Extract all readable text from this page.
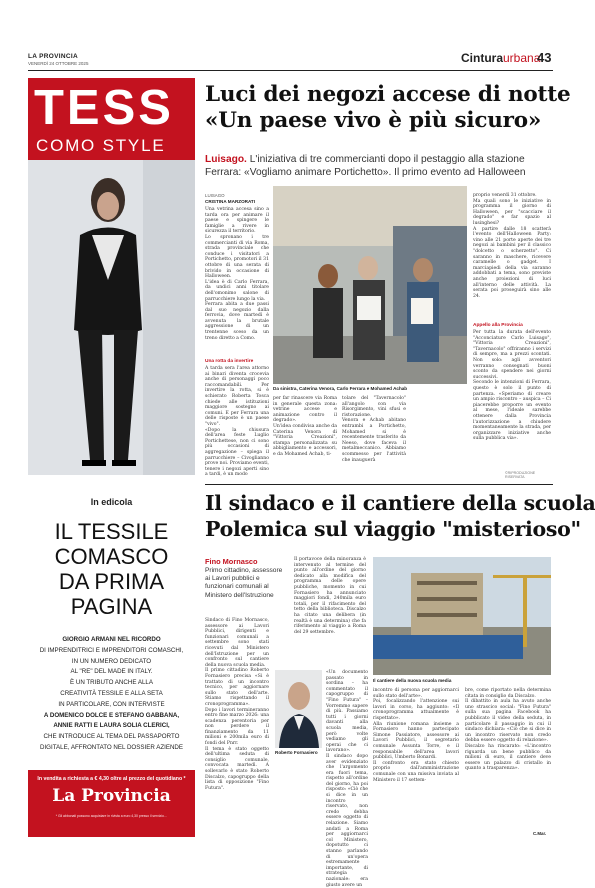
LA PROVINCIA
VENERDÌ 24 OTTOBRE 2025	Cinturaurbana
43
TESS
COMO STYLE
In edicola
IL TESSILE COMASCO DA PRIMA PAGINA
GIORGIO ARMANI NEL RICORDO
DI IMPRENDITRICI E IMPRENDITORI COMASCHI,
IN UN NUMERO DEDICATO
AL "RE" DEL MADE IN ITALY.
È UN TRIBUTO ANCHE ALLA
CREATIVITÀ TESSILE E ALLA SETA
IN PARTICOLARE, CON INTERVISTE
A DOMENICO DOLCE E STEFANO GABBANA,
ANNIE RATTI E LAURA SOLIA CLERICI,
CHE INTRODUCE AL TEMA DEL PASSAPORTO
DIGITALE, AFFRONTATO NEL DOSSIER AZIENDE
In vendita a richiesta a € 4,30 oltre al prezzo del quotidiano *
La Provincia
* Gli abbonati possono acquistare in rivista a euro 4,30 presso il servizio…
Luci dei negozi accese di notte
«Un paese vivo è più sicuro»
Luisago. L'iniziativa di tre commercianti dopo il pestaggio alla stazione Ferrara: «Vogliamo animare Portichetto». Il primo evento ad Halloween
LUISAGO
CRISTINA MARZORATI
Una vetrina accesa sino a tarda ora per animare il paese e spingere le famiglie a rivere in sicurezza il territorio.
Lo spronano i tre commercianti di via Roma, strada provinciale che conduce i visitatori a Portichetto, promotori il 31 ottobre di una serata di brivido in occasione di Halloween.
L'idea è di Carlo Ferrara, da undici anni titolare dell'omonimo salone di parrucchiere lungo la via.
Ferrara abita a due passi dal suo negozio dalla ferrovia, dove martedì è avvenuta la brutale aggressione di un trentenne sceso da un treno diretto a Como.
Una rotta da invertire
A tarda sera l'area attorno ai binari diventa crocevia anche di personaggi poco raccomandabili. Per invertire la rotta, si è schierato Roberta Tosca chiede alle istituzioni maggiore sostegno ai comuni. E per Ferrara una delle risposte è un paese "vivo".
«Dopo la chiusura dell'area feste Luglio Portichettese, non ci sono più occasioni di aggregazione – spiega il parrucchiere – Civoglianno prove noi. Proviamo eventi, tenere i negozi aperti sino a tardi, è un modo
Da sinistra, Caterina Venora, Carlo Ferrara e Mohamed Achab
per far rinascere via Roma in generale questa zona: vetrine accese e animazione contro il degrado».
Un'idea condivisa anche da Caterina Venora di "Vittoria Creazioni", stampa personalizzata su abbigliamento e accessori, e da Mohamed Achab, ti-
tolare del "Tavernacolo" all'angolo con via Risorgimento, vini sfusi e ristorazione.
Venora e Achab abitano entrambi a Portichetto, Mohamed si è recentemente trasferito da Neeso, dove faceva il metalmeccanico. Abbiamo scommesso per l'attività che inauguerà
proprio venerdì 31 ottobre.
Ma quali sono le iniziative in programma il giorno di Halloween, per "scacciare il degrado" e far spazio al lusinghesi?
A partire dalle 18 scatterà l'evento dell'Halloween Party: vino alle 21 porte aperte dei tre negozi ai bambini per il classico "dolcetto o scherzetto". Ci saranno in maschere, ricevere caramelle o gadget. I marciapiedi della via saranno addobbati a tema, sono previste anche proiezioni di luci all'interno delle attività. La serata poi proseguirà sino alle 24.
Appello alla Provincia
Per tutta la durata dell'evento "Acconciature Carlo Luisago", "Vittoria Creazioni", "Tavernacolo" offriranno i servizi di sempre, ma a prezzi scontati. Non solo: agli avventori verranno consegnati buoni sconto da spendere nei giorni successivi.
Secondo le intenzioni di Ferrara, questo è solo il punto di partenza. «Speriamo di creare un ampio riscontro – auspica – Ci piacerebbe proporre un evento al mese, l'ideale sarebbe ottenere dalla Provincia l'autorizzazione a chiudere momentaneamente la strada, per organizzare iniziative anche sulla pubblica via».
©RIPRODUZIONE RISERVATA
Il sindaco e il cantiere della scuola
Polemica sul viaggio "misterioso"
Fino Mornasco
Primo cittadino, assessore ai Lavori pubblici e funzionari comunali al Ministero dell'Istruzione
Sindaco di Fino Mornasco, assessore ai Lavori Pubblici, dirigenti e funzionari comunali a settembre sono stati ricevuti dal Ministero dell'Istruzione per un confronto sul cantiere della nuova scuola media.
Il primo cittadino Roberto Fornasiero precisa «Si è trattato di un incontro tecnico, per aggiornare sullo stato dell'arte. Stiamo rispettando il cronoprogramma».
Dopo i lavori termineranno entro fine marzo 2026: una scadenza perentoria per non perdere il finanziamento da 11 milioni e 200mila euro di fondi del Pnrr.
Il tema è stato oggetto dell'ultima seduta di consiglio comunale, convocata martedì. A sollevarlo è stato Roberto Discalzo, capogruppo della lista di opposizione "Fino Futura".
Il portavoce della minoranza è intervenuto al termine del punto all'ordine del giorno dedicato alla modifica del programma delle opere pubbliche, momento in cui Fornasiero ha annunciato maggiori fondi, 240mila euro totali, per il rifacimento del tetto della biblioteca. Discalzo ha citato una delibera (in realtà è una determina) che fa riferimento al viaggio a Roma del 29 settembre.
Roberto Fornasiero
«Un documento passato in sordina – ha commentato il capogruppo di "Fino Futura" – Vorremmo sapere di più. Passiamo tutti i giorni davanti alla scuola media, però volte vediamo gli operai che ci lavorano».
Il sindaco dopo aver evidenziato che l'argomento era fuori tema, rispetto all'ordine del giorno, ha poi risposto: «Ciò che si dice in un incontro riservato, non credo debba essere oggetto di relazione. Siamo andati a Roma per aggiornarci col Ministero, dopotutto ci stanno parlando di un'opera estremamente importante, di strategia nazionale: era giusto avere un
Il cantiere della nuova scuola media
incontro di persona per aggiornarci sullo stato dell'arte».
Poi, focalizzando l'attenzione sui lavori in corso, ha aggiunto: «Il cronoprogramma attualmente è rispettato».
Alla riunione romana insieme a Fornasiero hanno partecipato Simone Passiatore, assessore ai Lavori Pubblici, il segretario comunale Assunta Torre, e il responsabile dell'area lavori pubblici, Umberto Bonardi.
Il confronto era stato chiesto proprio dall'amministrazione comunale con una missiva inviata al Ministero il 17 settem-
bre, come riportato nella determina citata in consiglio da Discalzo.
Il dibattito in aula ha avuto anche uno strascico social: "Fino Futura" sulla sua pagina Facebook ha pubblicato il video della seduta, in particolare il passaggio in cui il sindaco dichiara: «Ciò che si dice in un incontro riservato non credo debba essere oggetto di relazione».
Discalzo ha rincarato: «L'incontro riguarda un bene pubblico da milioni di euro, il cantiere deve essere un palazzo di cristallo in quanto a trasparenza».
C.Mar.
